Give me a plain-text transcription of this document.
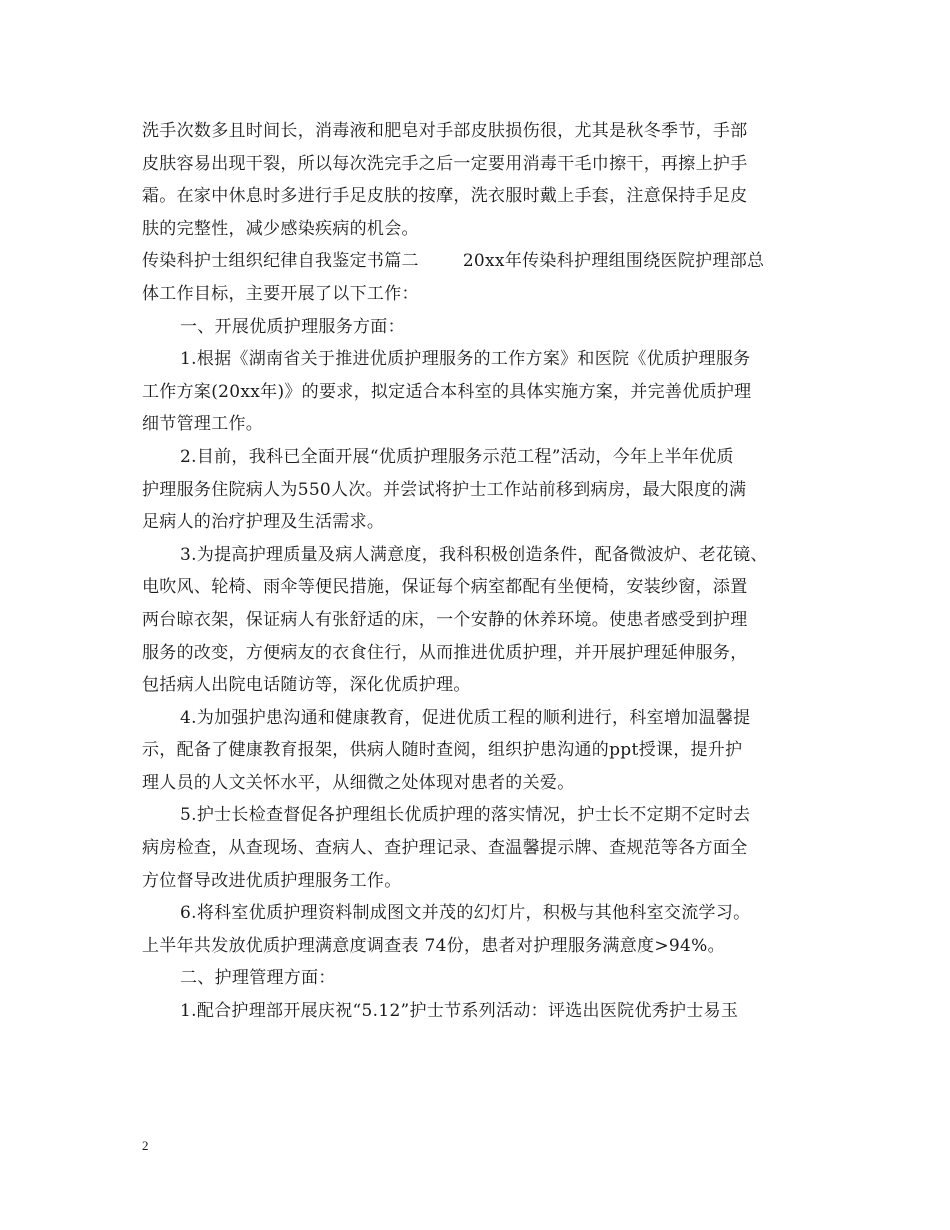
洗手次数多且时间长，消毒液和肥皂对手部皮肤损伤很，尤其是秋冬季节，手部
皮肤容易出现干裂，所以每次洗完手之后一定要用消毒干毛巾擦干，再擦上护手
霜。在家中休息时多进行手足皮肤的按摩，洗衣服时戴上手套，注意保持手足皮
肤的完整性，减少感染疾病的机会。
传染科护士组织纪律自我鉴定书篇二	20xx年传染科护理组围绕医院护理部总
体工作目标，主要开展了以下工作：
一、开展优质护理服务方面：
1.根据《湖南省关于推进优质护理服务的工作方案》和医院《优质护理服务
工作方案(20xx年)》的要求，拟定适合本科室的具体实施方案，并完善优质护理
细节管理工作。
2.目前，我科已全面开展“优质护理服务示范工程”活动，今年上半年优质
护理服务住院病人为550人次。并尝试将护士工作站前移到病房，最大限度的满
足病人的治疗护理及生活需求。
3.为提高护理质量及病人满意度，我科积极创造条件，配备微波炉、老花镜、
电吹风、轮椅、雨伞等便民措施，保证每个病室都配有坐便椅，安装纱窗，添置
两台晾衣架，保证病人有张舒适的床，一个安静的休养环境。使患者感受到护理
服务的改变，方便病友的衣食住行，从而推进优质护理，并开展护理延伸服务，
包括病人出院电话随访等，深化优质护理。
4.为加强护患沟通和健康教育，促进优质工程的顺利进行，科室增加温馨提
示，配备了健康教育报架，供病人随时查阅，组织护患沟通的ppt授课，提升护
理人员的人文关怀水平，从细微之处体现对患者的关爱。
5.护士长检查督促各护理组长优质护理的落实情况，护士长不定期不定时去
病房检查，从查现场、查病人、查护理记录、查温馨提示牌、查规范等各方面全
方位督导改进优质护理服务工作。
6.将科室优质护理资料制成图文并茂的幻灯片，积极与其他科室交流学习。
上半年共发放优质护理满意度调查表 74份，患者对护理服务满意度>94%。
二、护理管理方面：
1.配合护理部开展庆祝“5.12”护士节系列活动：评选出医院优秀护士易玉
2
